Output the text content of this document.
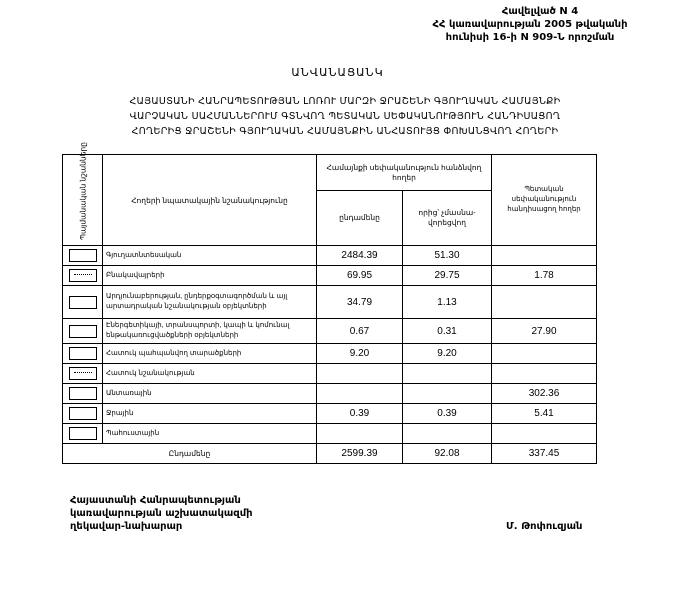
Հավելված N 4
ՀՀ կառավարության 2005 թվականի
հունիսի 16-ի N 909-Ն որոշման
ԱՆՎԱՆԱՑԱՆԿ
ՀԱՅԱՍՏԱՆԻ ՀԱՆՐԱՊԵՏՈՒԹՅԱՆ ԼՈՌՈՒ ՄԱՐԶԻ ՋՐԱՇԵՆԻ ԳՅՈՒՂԱԿԱՆ ՀԱՄԱՅՆՔԻ
ՎԱՐՉԱԿԱՆ ՍԱՀՄԱՆՆԵՐՈՒՄ ԳՏՆՎՈՂ ՊԵՏԱԿԱՆ ՍԵՓԱԿԱՆՈՒԹՅՈՒՆ ՀԱՆԴԻՍԱՑՈՂ
ՀՈՂԵՐԻՑ ՋՐԱՇԵՆԻ ԳՅՈՒՂԱԿԱՆ ՀԱՄԱՅՆՔԻՆ ԱՆՀԱՏՈՒՅՑ ՓՈԽԱՆՑՎՈՂ ՀՈՂԵՐԻ
Պայմանական նշանները	Հողերի նպատակային նշանակությունը	Համայնքի սեփականություն հանձնվող հողեր		Պետական սեփականություն հանդիսացող հողեր
		ընդամենը	որից՝ չմասնա-վորեցվող	
	Գյուղատնտեսական	2484.39	51.30	
	Բնակավայրերի	69.95	29.75	1.78
	Արդյունաբերության, ընդերքօգտագործման և այլ արտադրական նշանակության օբյեկտների	34.79	1.13	
	Էներգետիկայի, տրանսպորտի, կապի և կոմունալ ենթակառուցվածքների օբյեկտների	0.67	0.31	27.90
	Հատուկ պահպանվող տարածքների	9.20	9.20	
	Հատուկ նշանակության			
	Անտառային			302.36
	Ջրային	0.39	0.39	5.41
	Պահուստային			
Ընդամենը		2599.39	92.08	337.45
Հայաստանի Հանրապետության
կառավարության աշխատակազմի
ղեկավար-նախարար	Մ. Թոփուզյան
